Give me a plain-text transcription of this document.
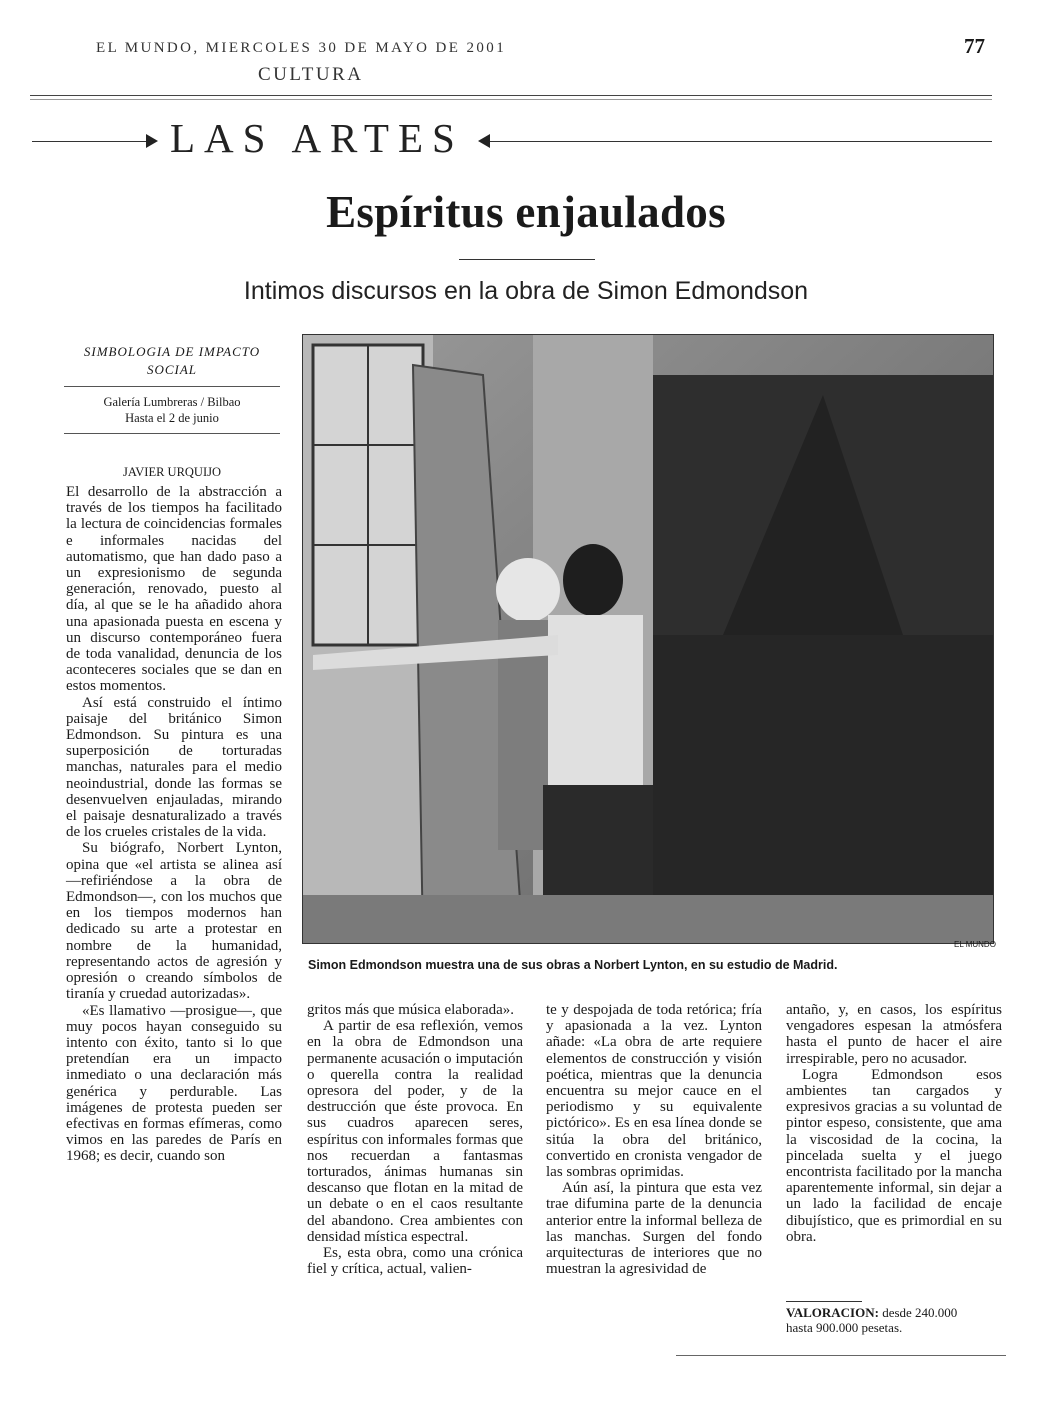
EL MUNDO, MIERCOLES 30 DE MAYO DE 2001
CULTURA
77
LAS ARTES
Espíritus enjaulados
Intimos discursos en la obra de Simon Edmondson
SIMBOLOGIA DE IMPACTO SOCIAL
Galería Lumbreras / Bilbao
Hasta el 2 de junio
JAVIER URQUIJO

El desarrollo de la abstracción a través de los tiempos ha facilitado la lectura de coincidencias formales e informales nacidas del automatismo, que han dado paso a un expresionismo de segunda generación, renovado, puesto al día, al que se le ha añadido ahora una apasionada puesta en escena y un discurso contemporáneo fuera de toda vanalidad, denuncia de los aconteceres sociales que se dan en estos momentos.

Así está construido el íntimo paisaje del británico Simon Edmondson. Su pintura es una superposición de torturadas manchas, naturales para el medio neoindustrial, donde las formas se desenvuelven enjauladas, mirando el paisaje desnaturalizado a través de los crueles cristales de la vida.

Su biógrafo, Norbert Lynton, opina que «el artista se alinea así —refiriéndose a la obra de Edmondson—, con los muchos que en los tiempos modernos han dedicado su arte a protestar en nombre de la humanidad, representando actos de agresión y opresión o creando símbolos de tiranía y cruedad autorizadas».

«Es llamativo —prosigue—, que muy pocos hayan conseguido su intento con éxito, tanto si lo que pretendían era un impacto inmediato o una declaración más genérica y perdurable. Las imágenes de protesta pueden ser efectivas en formas efímeras, como vimos en las paredes de París en 1968; es decir, cuando son

EL MUNDO
Simon Edmondson muestra una de sus obras a Norbert Lynton, en su estudio de Madrid.

gritos más que música elaborada».

A partir de esa reflexión, vemos en la obra de Edmondson una permanente acusación o imputación o querella contra la realidad opresora del poder, y de la destrucción que éste provoca. En sus cuadros aparecen seres, espíritus con informales formas que nos recuerdan a fantasmas torturados, ánimas humanas sin descanso que flotan en la mitad de un debate o en el caos resultante del abandono. Crea ambientes con densidad mística espectral.

Es, esta obra, como una crónica fiel y crítica, actual, valien-

te y despojada de toda retórica; fría y apasionada a la vez. Lynton añade: «La obra de arte requiere elementos de construcción y visión poética, mientras que la denuncia encuentra su mejor cauce en el periodismo y su equivalente pictórico». Es en esa línea donde se sitúa la obra del británico, convertido en cronista vengador de las sombras oprimidas.

Aún así, la pintura que esta vez trae difumina parte de la denuncia anterior entre la informal belleza de las manchas. Surgen del fondo arquitecturas de interiores que no muestran la agresividad de

antaño, y, en casos, los espíritus vengadores espesan la atmósfera hasta el punto de hacer el aire irrespirable, pero no acusador.

Logra Edmondson esos ambientes tan cargados y expresivos gracias a su voluntad de pintor espeso, consistente, que ama la viscosidad de la cocina, la pincelada suelta y el juego encontrista facilitado por la mancha aparentemente informal, sin dejar a un lado la facilidad de encaje dibujístico, que es primordial en su obra.

VALORACION: desde 240.000
hasta 900.000 pesetas.
